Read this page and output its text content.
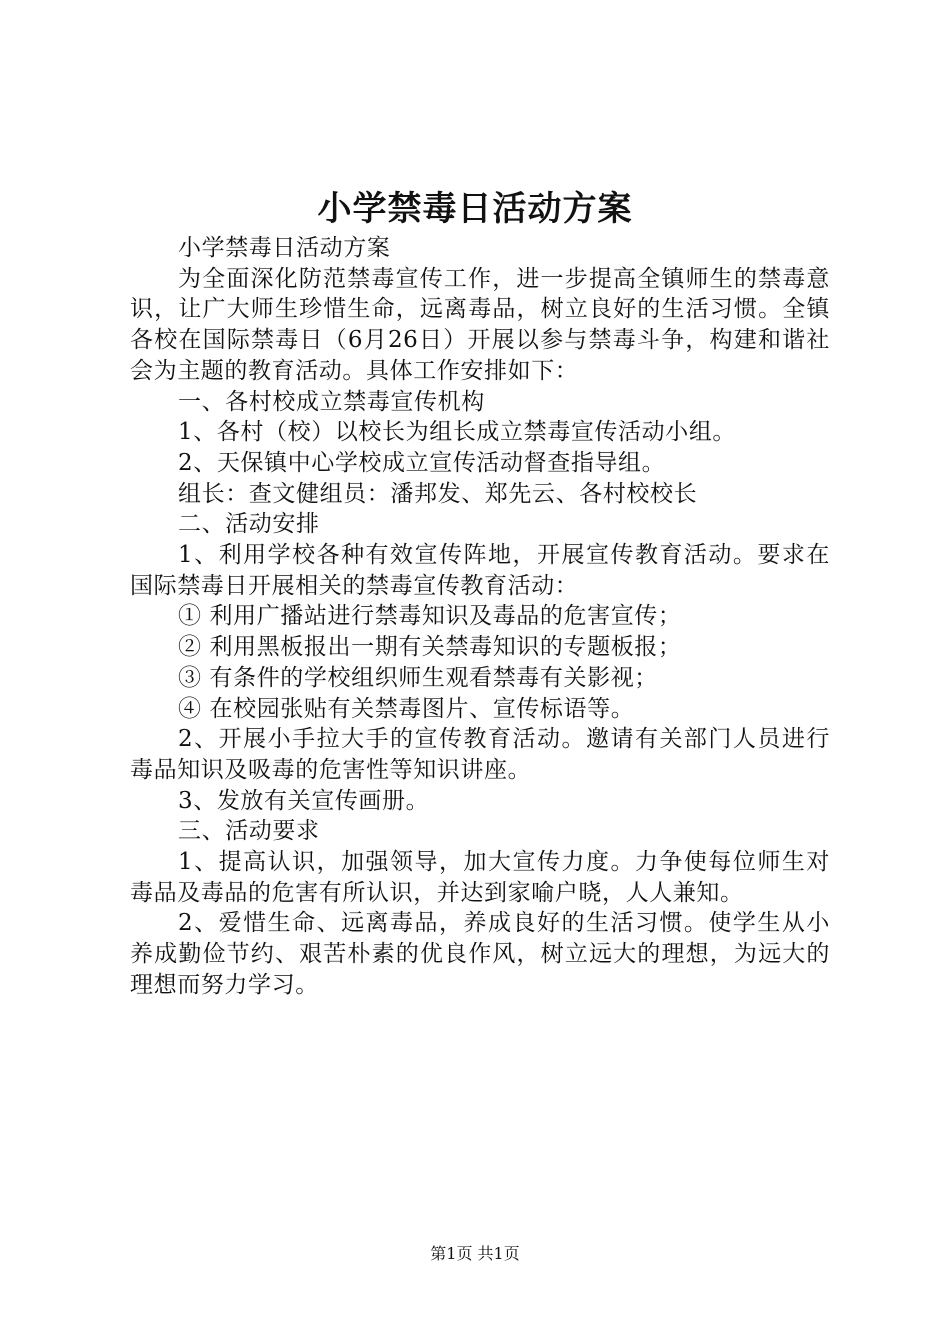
小学禁毒日活动方案

小学禁毒日活动方案

为全面深化防范禁毒宣传工作，进一步提高全镇师生的禁毒意识，让广大师生珍惜生命，远离毒品，树立良好的生活习惯。全镇各校在国际禁毒日（6月26日）开展以参与禁毒斗争，构建和谐社会为主题的教育活动。具体工作安排如下：

一、各村校成立禁毒宣传机构

1、各村（校）以校长为组长成立禁毒宣传活动小组。

2、天保镇中心学校成立宣传活动督查指导组。

组长：查文健组员：潘邦发、郑先云、各村校校长

二、活动安排

1、利用学校各种有效宣传阵地，开展宣传教育活动。要求在国际禁毒日开展相关的禁毒宣传教育活动：

① 利用广播站进行禁毒知识及毒品的危害宣传；

② 利用黑板报出一期有关禁毒知识的专题板报；

③ 有条件的学校组织师生观看禁毒有关影视；

④ 在校园张贴有关禁毒图片、宣传标语等。

2、开展小手拉大手的宣传教育活动。邀请有关部门人员进行毒品知识及吸毒的危害性等知识讲座。

3、发放有关宣传画册。

三、活动要求

1、提高认识，加强领导，加大宣传力度。力争使每位师生对毒品及毒品的危害有所认识，并达到家喻户晓，人人兼知。

2、爱惜生命、远离毒品，养成良好的生活习惯。使学生从小养成勤俭节约、艰苦朴素的优良作风，树立远大的理想，为远大的理想而努力学习。

第1页 共1页
